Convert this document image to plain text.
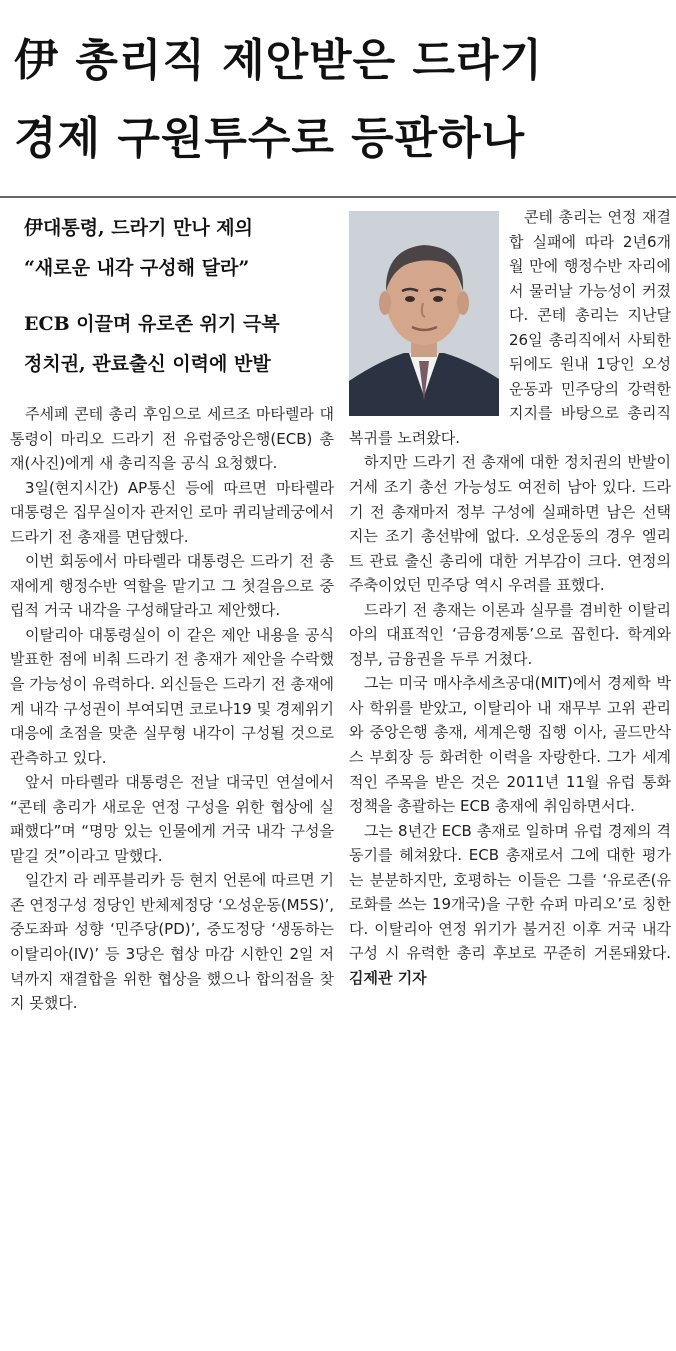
伊 총리직 제안받은 드라기
경제 구원투수로 등판하나
伊대통령, 드라기 만나 제의
“새로운 내각 구성해 달라”
ECB 이끌며 유로존 위기 극복
정치권, 관료출신 이력에 반발

주세페 콘테 총리 후임으로 세르조 마타렐라 대통령이 마리오 드라기 전 유럽중앙은행(ECB) 총재(사진)에게 새 총리직을 공식 요청했다.

3일(현지시간) AP통신 등에 따르면 마타렐라 대통령은 집무실이자 관저인 로마 퀴리날레궁에서 드라기 전 총재를 면담했다.

이번 회동에서 마타렐라 대통령은 드라기 전 총재에게 행정수반 역할을 맡기고 그 첫걸음으로 중립적 거국 내각을 구성해달라고 제안했다.

이탈리아 대통령실이 이 같은 제안 내용을 공식 발표한 점에 비춰 드라기 전 총재가 제안을 수락했을 가능성이 유력하다. 외신들은 드라기 전 총재에게 내각 구성권이 부여되면 코로나19 및 경제위기 대응에 초점을 맞춘 실무형 내각이 구성될 것으로 관측하고 있다.

앞서 마타렐라 대통령은 전날 대국민 연설에서 “콘테 총리가 새로운 연정 구성을 위한 협상에 실패했다”며 “명망 있는 인물에게 거국 내각 구성을 맡길 것”이라고 말했다.

일간지 라 레푸블리카 등 현지 언론에 따르면 기존 연정구성 정당인 반체제정당 ‘오성운동(M5S)’, 중도좌파 성향 ‘민주당(PD)’, 중도정당 ‘생동하는 이탈리아(IV)’ 등 3당은 협상 마감 시한인 2일 저녁까지 재결합을 위한 협상을 했으나 합의점을 찾지 못했다.

콘테 총리는 연정 재결합 실패에 따라 2년6개월 만에 행정수반 자리에서 물러날 가능성이 커졌다. 콘테 총리는 지난달 26일 총리직에서 사퇴한 뒤에도 원내 1당인 오성운동과 민주당의 강력한 지지를 바탕으로 총리직 복귀를 노려왔다.

하지만 드라기 전 총재에 대한 정치권의 반발이 거세 조기 총선 가능성도 여전히 남아 있다. 드라기 전 총재마저 정부 구성에 실패하면 남은 선택지는 조기 총선밖에 없다. 오성운동의 경우 엘리트 관료 출신 총리에 대한 거부감이 크다. 연정의 주축이었던 민주당 역시 우려를 표했다.

드라기 전 총재는 이론과 실무를 겸비한 이탈리아의 대표적인 ‘금융경제통’으로 꼽힌다. 학계와 정부, 금융권을 두루 거쳤다.

그는 미국 매사추세츠공대(MIT)에서 경제학 박사 학위를 받았고, 이탈리아 내 재무부 고위 관리와 중앙은행 총재, 세계은행 집행 이사, 골드만삭스 부회장 등 화려한 이력을 자랑한다. 그가 세계적인 주목을 받은 것은 2011년 11월 유럽 통화 정책을 총괄하는 ECB 총재에 취임하면서다.

그는 8년간 ECB 총재로 일하며 유럽 경제의 격동기를 헤쳐왔다. ECB 총재로서 그에 대한 평가는 분분하지만, 호평하는 이들은 그를 ‘유로존(유로화를 쓰는 19개국)을 구한 슈퍼 마리오’로 칭한다. 이탈리아 연정 위기가 불거진 이후 거국 내각 구성 시 유력한 총리 후보로 꾸준히 거론돼왔다. 김제관 기자
